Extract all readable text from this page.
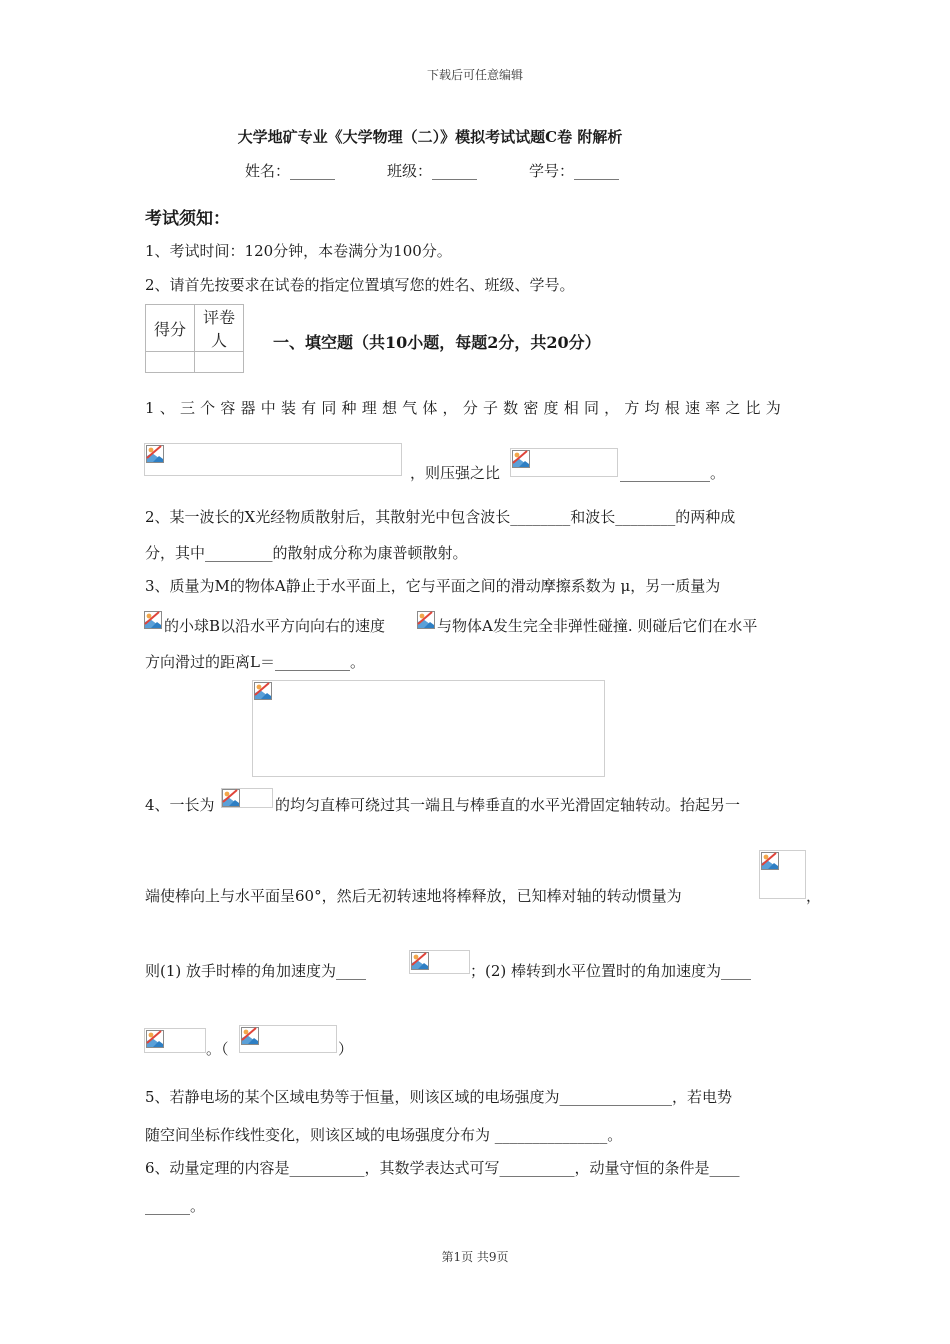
下载后可任意编辑
大学地矿专业《大学物理（二）》模拟考试试题C卷 附解析
姓名：______	班级：______	学号：______
考试须知：
1、考试时间：120分钟，本卷满分为100分。
2、请首先按要求在试卷的指定位置填写您的姓名、班级、学号。
得分	评卷人
		一、填空题（共10小题，每题2分，共20分）
1、三个容器中装有同种理想气体，分子数密度相同，方均根速率之比为
，则压强之比	____________。
2、某一波长的X光经物质散射后，其散射光中包含波长________和波长________的两种成
分，其中_________的散射成分称为康普顿散射。
3、质量为M的物体A静止于水平面上，它与平面之间的滑动摩擦系数为 μ，另一质量为
的小球B以沿水平方向向右的速度	与物体A发生完全非弹性碰撞. 则碰后它们在水平
方向滑过的距离L＝__________。
4、一长为	的均匀直棒可绕过其一端且与棒垂直的水平光滑固定轴转动。抬起另一
端使棒向上与水平面呈60°，然后无初转速地将棒释放，已知棒对轴的转动惯量为	，
则(1) 放手时棒的角加速度为____	；(2) 棒转到水平位置时的角加速度为____
。（	）
5、若静电场的某个区域电势等于恒量，则该区域的电场强度为_______________，若电势
随空间坐标作线性变化，则该区域的电场强度分布为 _______________。
6、动量定理的内容是__________，其数学表达式可写__________，动量守恒的条件是____
______。
第1页 共9页
